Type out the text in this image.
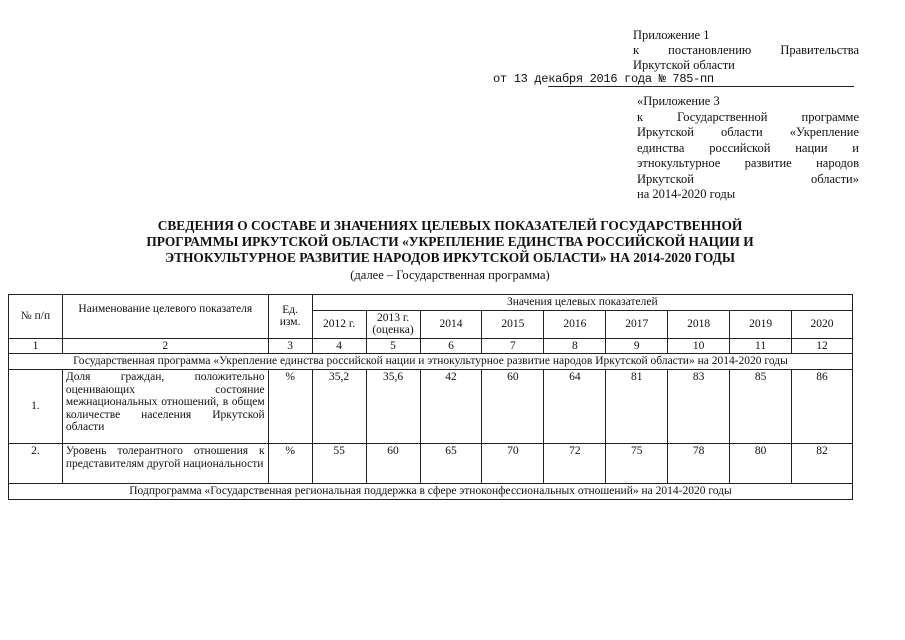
Приложение 1
к постановлению Правительства
Иркутской области
от 13 декабря 2016 года № 785-пп
«Приложение 3
к Государственной программе
Иркутской области «Укрепление
единства российской нации и
этнокультурное развитие народов
Иркутской области»
на 2014-2020 годы
СВЕДЕНИЯ О СОСТАВЕ И ЗНАЧЕНИЯХ ЦЕЛЕВЫХ ПОКАЗАТЕЛЕЙ ГОСУДАРСТВЕННОЙ
ПРОГРАММЫ ИРКУТСКОЙ ОБЛАСТИ «УКРЕПЛЕНИЕ ЕДИНСТВА РОССИЙСКОЙ НАЦИИ И
ЭТНОКУЛЬТУРНОЕ РАЗВИТИЕ НАРОДОВ ИРКУТСКОЙ ОБЛАСТИ» НА 2014-2020 ГОДЫ
(далее – Государственная программа)
№ п/п	Наименование целевого показателя	Ед. изм.	Значения целевых показателей								
			2012 г.	2013 г. (оценка)	2014	2015	2016	2017	2018	2019	2020
1	2	3	4	5	6	7	8	9	10	11	12
Государственная программа «Укрепление единства российской нации и этнокультурное развитие народов Иркутской области» на 2014-2020 годы											
1.	Доля граждан, положительно оценивающих состояние межнациональных отношений, в общем количестве населения Иркутской области	%	35,2	35,6	42	60	64	81	83	85	86
2.	Уровень толерантного отношения к представителям другой национальности	%	55	60	65	70	72	75	78	80	82
Подпрограмма «Государственная региональная поддержка в сфере этноконфессиональных отношений» на 2014-2020 годы											
